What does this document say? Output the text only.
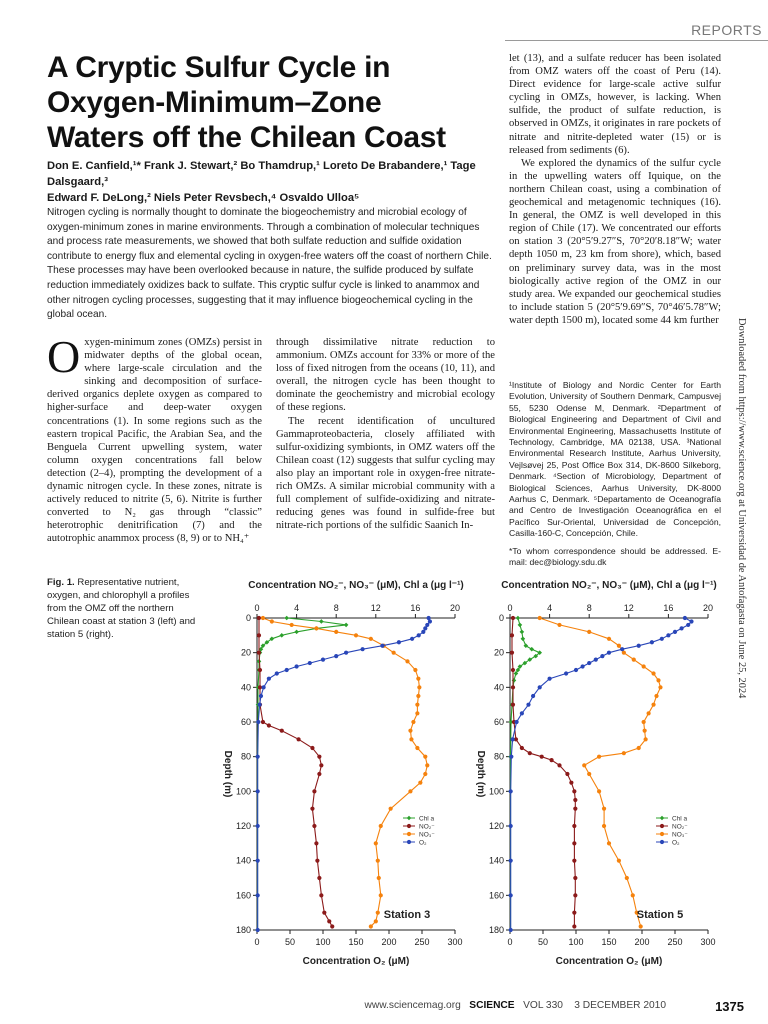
REPORTS
A Cryptic Sulfur Cycle in Oxygen-Minimum–Zone Waters off the Chilean Coast
Don E. Canfield,¹* Frank J. Stewart,² Bo Thamdrup,¹ Loreto De Brabandere,¹ Tage Dalsgaard,³
Edward F. DeLong,² Niels Peter Revsbech,⁴ Osvaldo Ulloa⁵
Nitrogen cycling is normally thought to dominate the biogeochemistry and microbial ecology of oxygen-minimum zones in marine environments. Through a combination of molecular techniques and process rate measurements, we showed that both sulfate reduction and sulfide oxidation contribute to energy flux and elemental cycling in oxygen-free waters off the coast of northern Chile. These processes may have been overlooked because in nature, the sulfide produced by sulfate reduction immediately oxidizes back to sulfate. This cryptic sulfur cycle is linked to anammox and other nitrogen cycling processes, suggesting that it may influence biogeochemical cycling in the global ocean.

Oxygen-minimum zones (OMZs) persist in midwater depths of the global ocean, where large-scale circulation and the sinking and decomposition of surface-derived organics deplete oxygen as compared to higher-surface and deep-water oxygen concentrations (1). In some regions such as the eastern tropical Pacific, the Arabian Sea, and the Benguela Current upwelling system, water column oxygen concentrations fall below detection (2–4), prompting the development of a dynamic nitrogen cycle. In these zones, nitrate is actively reduced to nitrite (5, 6). Nitrite is further converted to N₂ gas through “classic” heterotrophic denitrification (7) and the autotrophic anammox process (8, 9) or to NH₄⁺

through dissimilative nitrate reduction to ammonium. OMZs account for 33% or more of the loss of fixed nitrogen from the oceans (10, 11), and overall, the nitrogen cycle has been thought to dominate the geochemistry and microbial ecology of these regions.

The recent identification of uncultured Gammaproteobacteria, closely affiliated with sulfur-oxidizing symbionts, in OMZ waters off the Chilean coast (12) suggests that sulfur cycling may also play an important role in oxygen-free nitrate-rich OMZs. A similar microbial community with a full complement of sulfide-oxidizing and nitrate-reducing genes was found in sulfide-free but nitrate-rich portions of the sulfidic Saanich In-

let (13), and a sulfate reducer has been isolated from OMZ waters off the coast of Peru (14). Direct evidence for large-scale active sulfur cycling in OMZs, however, is lacking. When sulfide, the product of sulfate reduction, is observed in OMZs, it originates in rare pockets of nitrate and nitrite-depleted water (15) or is released from sediments (6).

We explored the dynamics of the sulfur cycle in the upwelling waters off Iquique, on the northern Chilean coast, using a combination of geochemical and metagenomic techniques (16). In general, the OMZ is well developed in this region of Chile (17). We concentrated our efforts on station 3 (20°5′9.27″S, 70°20′8.18″W; water depth 1050 m, 23 km from shore), which, based on preliminary survey data, was in the most biologically active region of the OMZ in our study area. We expanded our geochemical studies to include station 5 (20°5′9.69″S, 70°46′5.78″W; water depth 1500 m), located some 44 km further

¹Institute of Biology and Nordic Center for Earth Evolution, University of Southern Denmark, Campusvej 55, 5230 Odense M, Denmark. ²Department of Biological Engineering and Department of Civil and Environmental Engineering, Massachusetts Institute of Technology, Cambridge, MA 02138, USA. ³National Environmental Research Institute, Aarhus University, Vejlsøvej 25, Post Office Box 314, DK-8600 Silkeborg, Denmark. ⁴Section of Microbiology, Department of Biological Sciences, Aarhus University, DK-8000 Aarhus C, Denmark. ⁵Departamento de Oceanografía and Centro de Investigación Oceanográfica en el Pacífico Sur-Oriental, Universidad de Concepción, Casilla-160-C, Concepción, Chile.

*To whom correspondence should be addressed. E-mail: dec@biology.sdu.dk	Downloaded from https://www.science.org at Universidad de Antofagasta on June 25, 2024
Fig. 1. Representative nutrient, oxygen, and chlorophyll a profiles from the OMZ off the northern Chilean coast at station 3 (left) and station 5 (right).
0	4	8	12	16	20
0	50 100 150 200 250 300
0
20
40
60
80
100
120
140
160
180
Concentration NO₂⁻, NO₃⁻ (μM), Chl a (μg l⁻¹)
Concentration O₂ (μM)
Depth (m)
Chl a
NO₂⁻
NO₃⁻
O₂
Station 3
0	4	8	12	16	20
0	50 100 150 200 250 300
0
20
40
60
80
100
120
140
160
180
Concentration NO₂⁻, NO₃⁻ (μM), Chl a (μg l⁻¹)
Concentration O₂ (μM)
Depth (m)
Chl a
NO₂⁻
NO₃⁻
O₂
Station 5
www.sciencemag.org SCIENCE VOL 330 3 DECEMBER 2010	1375
